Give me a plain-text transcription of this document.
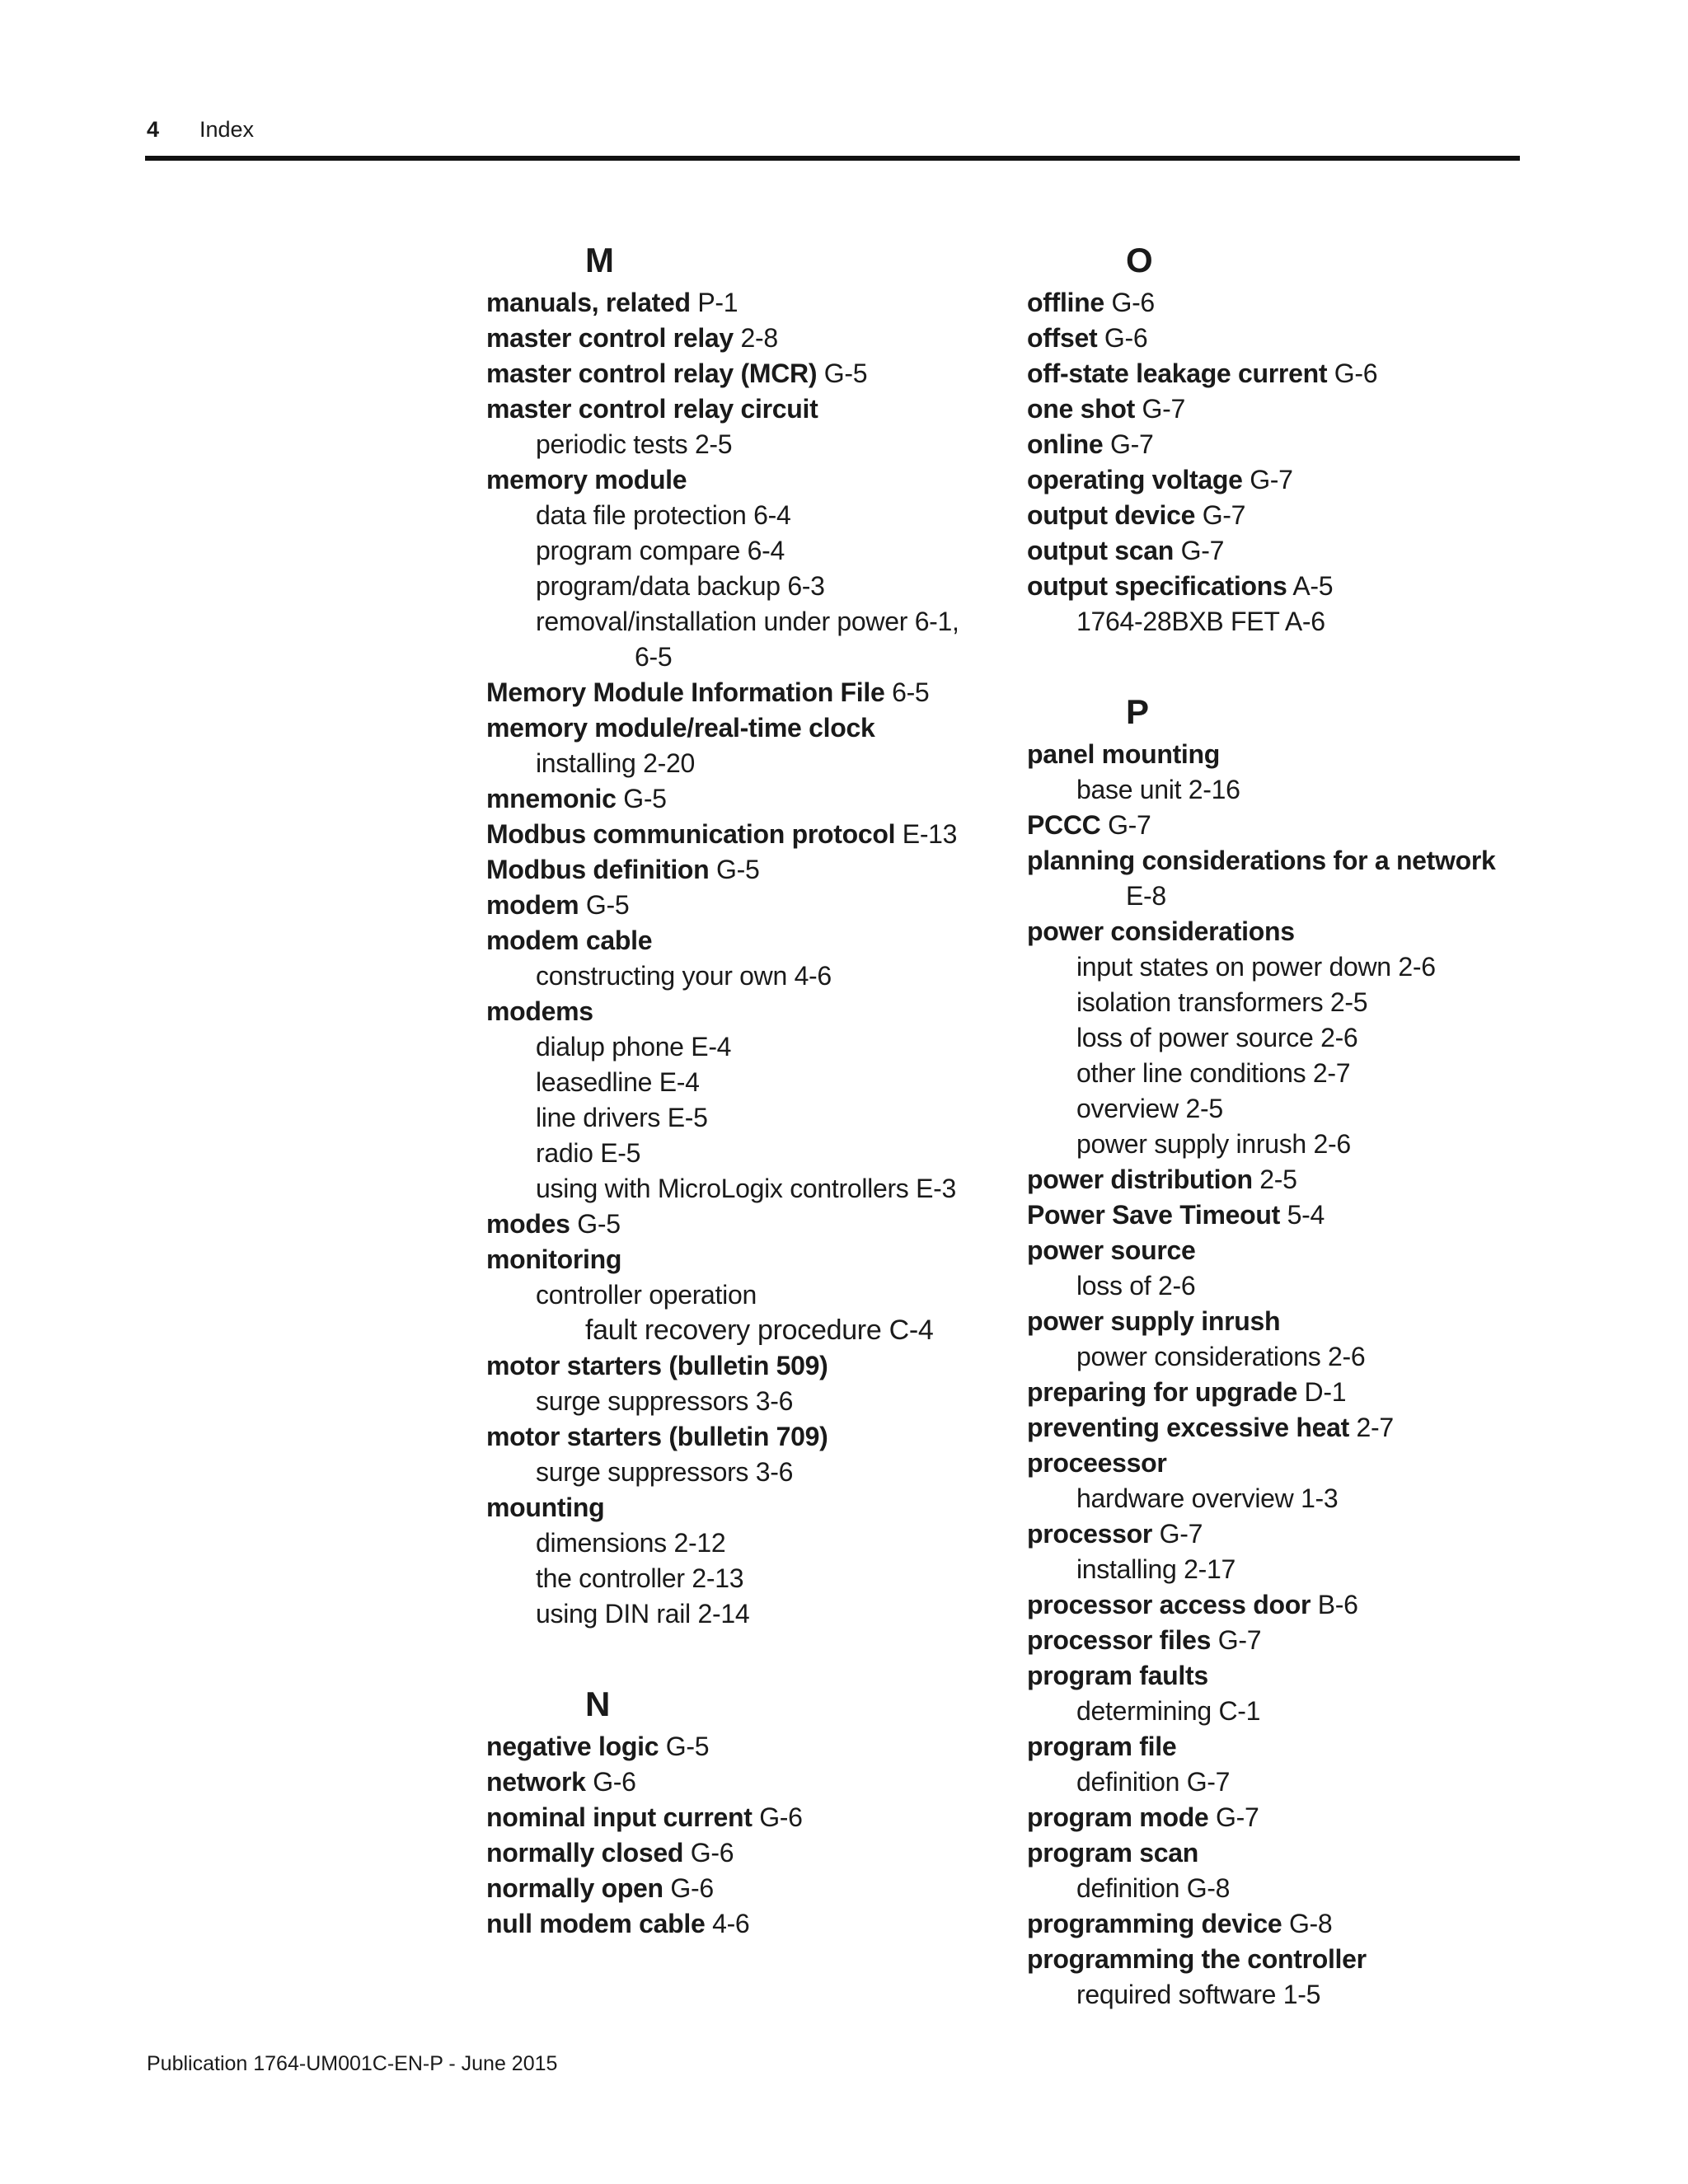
4 Index
M
manuals, related P-1
master control relay 2-8
master control relay (MCR) G-5
master control relay circuit
periodic tests 2-5
memory module
data file protection 6-4
program compare 6-4
program/data backup 6-3
removal/installation under power 6-1,
6-5
Memory Module Information File 6-5
memory module/real-time clock
installing 2-20
mnemonic G-5
Modbus communication protocol E-13
Modbus definition G-5
modem G-5
modem cable
constructing your own 4-6
modems
dialup phone E-4
leasedline E-4
line drivers E-5
radio E-5
using with MicroLogix controllers E-3
modes G-5
monitoring
controller operation
fault recovery procedure C-4
motor starters (bulletin 509)
surge suppressors 3-6
motor starters (bulletin 709)
surge suppressors 3-6
mounting
dimensions 2-12
the controller 2-13
using DIN rail 2-14
N
negative logic G-5
network G-6
nominal input current G-6
normally closed G-6
normally open G-6
null modem cable 4-6
O
offline G-6
offset G-6
off-state leakage current G-6
one shot G-7
online G-7
operating voltage G-7
output device G-7
output scan G-7
output specifications A-5
1764-28BXB FET A-6
P
panel mounting
base unit 2-16
PCCC G-7
planning considerations for a network
E-8
power considerations
input states on power down 2-6
isolation transformers 2-5
loss of power source 2-6
other line conditions 2-7
overview 2-5
power supply inrush 2-6
power distribution 2-5
Power Save Timeout 5-4
power source
loss of 2-6
power supply inrush
power considerations 2-6
preparing for upgrade D-1
preventing excessive heat 2-7
proceessor
hardware overview 1-3
processor G-7
installing 2-17
processor access door B-6
processor files G-7
program faults
determining C-1
program file
definition G-7
program mode G-7
program scan
definition G-8
programming device G-8
programming the controller
required software 1-5
Publication 1764-UM001C-EN-P - June 2015
